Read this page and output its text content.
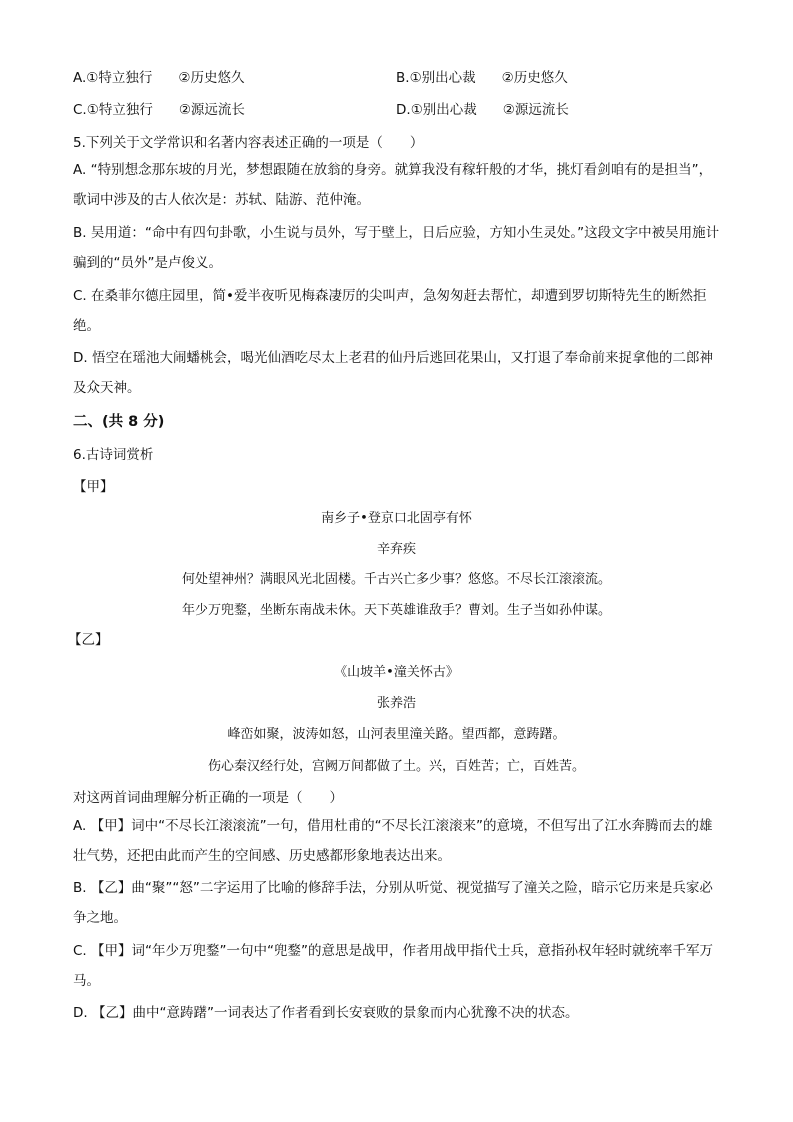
A.①特立独行 ②历史悠久	B.①别出心裁 ②历史悠久
C.①特立独行 ②源远流长	D.①别出心裁 ②源远流长
5.下列关于文学常识和名著内容表述正确的一项是（　　）
A. “特别想念那东坡的月光，梦想跟随在放翁的身旁。就算我没有稼轩般的才华，挑灯看剑咱有的是担当”，歌词中涉及的古人依次是：苏轼、陆游、范仲淹。
B. 吴用道：“命中有四句卦歌，小生说与员外，写于壁上，日后应验，方知小生灵处。”这段文字中被吴用施计骗到的“员外”是卢俊义。
C. 在桑菲尔德庄园里，简•爱半夜听见梅森凄厉的尖叫声，急匆匆赶去帮忙，却遭到罗切斯特先生的断然拒绝。
D. 悟空在瑶池大闹蟠桃会，喝光仙酒吃尽太上老君的仙丹后逃回花果山，又打退了奉命前来捉拿他的二郎神及众天神。
二、(共 8 分)
6.古诗词赏析
【甲】
南乡子•登京口北固亭有怀
辛弃疾
何处望神州？满眼风光北固楼。千古兴亡多少事？悠悠。不尽长江滚滚流。
年少万兜鍪，坐断东南战未休。天下英雄谁敌手？曹刘。生子当如孙仲谋。
【乙】
《山坡羊•潼关怀古》
张养浩
峰峦如聚，波涛如怒，山河表里潼关路。望西都，意踌躇。
伤心秦汉经行处，宫阙万间都做了土。兴，百姓苦；亡，百姓苦。
对这两首词曲理解分析正确的一项是（　　）
A. 【甲】词中“不尽长江滚滚流”一句，借用杜甫的“不尽长江滚滚来”的意境，不但写出了江水奔腾而去的雄壮气势，还把由此而产生的空间感、历史感都形象地表达出来。
B. 【乙】曲“聚”“怒”二字运用了比喻的修辞手法，分别从听觉、视觉描写了潼关之险，暗示它历来是兵家必争之地。
C. 【甲】词“年少万兜鍪”一句中“兜鍪”的意思是战甲，作者用战甲指代士兵，意指孙权年轻时就统率千军万马。
D. 【乙】曲中“意踌躇”一词表达了作者看到长安衰败的景象而内心犹豫不决的状态。
